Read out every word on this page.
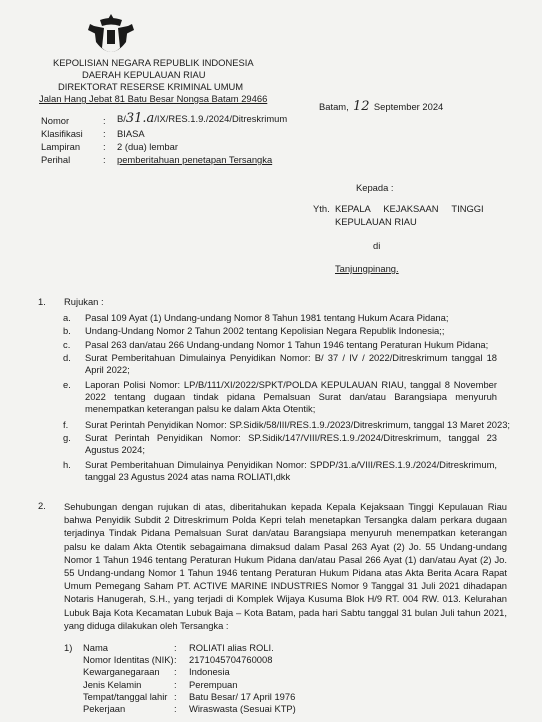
KEPOLISIAN NEGARA REPUBLIK INDONESIA
DAERAH KEPULAUAN RIAU
DIREKTORAT RESERSE KRIMINAL UMUM
Jalan Hang Jebat 81 Batu Besar Nongsa Batam 29466
Nomor	: B/31.a/IX/RES.1.9./2024/Ditreskrimum
Klasifikasi : BIASA
Lampiran : 2 (dua) lembar
Perihal	: pemberitahuan penetapan Tersangka
Batam, 12 September 2024
Kepada :
Yth. KEPALA     KEJAKSAAN     TINGGI
KEPULAUAN RIAU
di
Tanjungpinang.
1. Rujukan :
a. Pasal 109 Ayat (1) Undang-undang Nomor 8 Tahun 1981 tentang Hukum Acara Pidana;
b. Undang-Undang Nomor 2 Tahun 2002 tentang Kepolisian Negara Republik Indonesia;;
c. Pasal 263 dan/atau 266 Undang-undang Nomor 1 Tahun 1946 tentang Peraturan Hukum Pidana;
d. Surat Pemberitahuan Dimulainya Penyidikan Nomor: B/ 37 / IV / 2022/Ditreskrimum tanggal 18 April 2022;
e. Laporan Polisi Nomor: LP/B/111/XI/2022/SPKT/POLDA KEPULAUAN RIAU, tanggal 8 November 2022 tentang dugaan tindak pidana Pemalsuan Surat dan/atau Barangsiapa menyuruh menempatkan keterangan palsu ke dalam Akta Otentik;
f. Surat Perintah Penyidikan Nomor: SP.Sidik/58/III/RES.1.9./2023/Ditreskrimum, tanggal 13 Maret 2023;
g. Surat Perintah Penyidikan Nomor: SP.Sidik/147/VIII/RES.1.9./2024/Ditreskrimum, tanggal 23 Agustus 2024;
h. Surat Pemberitahuan Dimulainya Penyidikan Nomor: SPDP/31.a/VIII/RES.1.9./2024/Ditreskrimum, tanggal 23 Agustus 2024 atas nama ROLIATI,dkk
2. Sehubungan dengan rujukan di atas, diberitahukan kepada Kepala Kejaksaan Tinggi Kepulauan Riau bahwa Penyidik Subdit 2 Ditreskrimum Polda Kepri telah menetapkan Tersangka dalam perkara dugaan terjadinya Tindak Pidana Pemalsuan Surat dan/atau Barangsiapa menyuruh menempatkan keterangan palsu ke dalam Akta Otentik sebagaimana dimaksud dalam Pasal 263 Ayat (2) Jo. 55 Undang-undang Nomor 1 Tahun 1946 tentang Peraturan Hukum Pidana dan/atau Pasal 266 Ayat (1) dan/atau Ayat (2) Jo. 55 Undang-undang Nomor 1 Tahun 1946 tentang Peraturan Hukum Pidana atas Akta Berita Acara Rapat Umum Pemegang Saham PT. ACTIVE MARINE INDUSTRIES Nomor 9 Tanggal 31 Juli 2021 dihadapan Notaris Hanugerah, S.H., yang terjadi di Komplek Wijaya Kusuma Blok H/9 RT. 004 RW. 013. Kelurahan Lubuk Baja Kota Kecamatan Lubuk Baja – Kota Batam, pada hari Sabtu tanggal 31 bulan Juli tahun 2021, yang diduga dilakukan oleh Tersangka :
1) Nama	: ROLIATI alias ROLI.
Nomor Identitas (NIK) : 2171045704760008
Kewarganegaraan : Indonesia
Jenis Kelamin	: Perempuan
Tempat/tanggal lahir : Batu Besar/ 17 April 1976
Pekerjaan	: Wiraswasta (Sesuai KTP)
